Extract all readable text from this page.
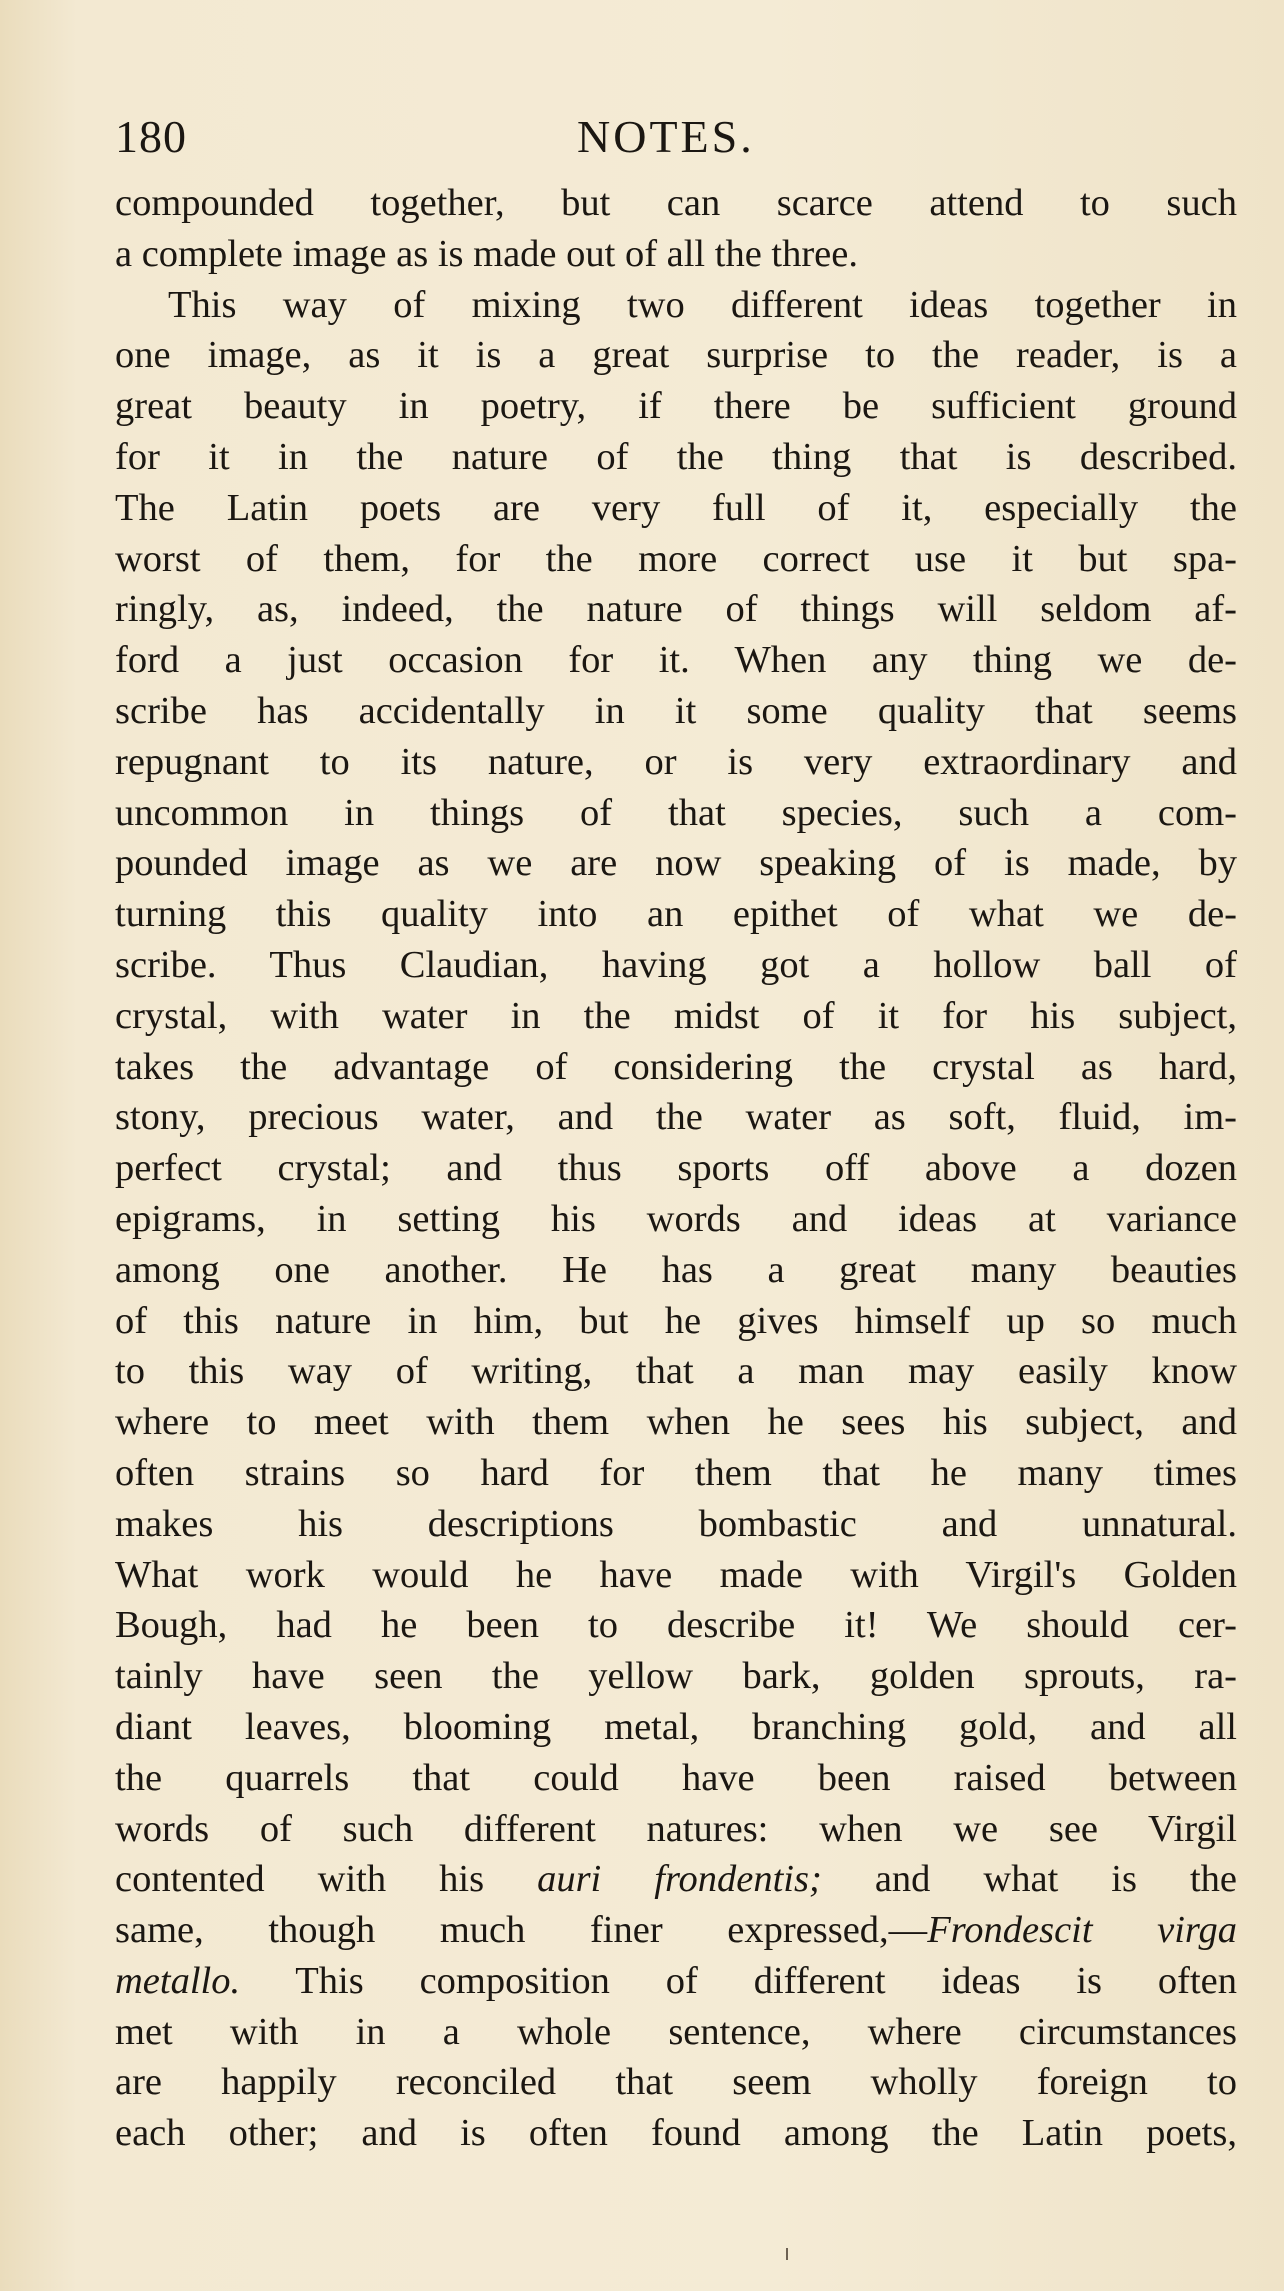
180	NOTES.
compounded together, but can scarce attend to such
a complete image as is made out of all the three.
This way of mixing two different ideas together in
one image, as it is a great surprise to the reader, is a
great beauty in poetry, if there be sufficient ground
for it in the nature of the thing that is described.
The Latin poets are very full of it, especially the
worst of them, for the more correct use it but spa-
ringly, as, indeed, the nature of things will seldom af-
ford a just occasion for it. When any thing we de-
scribe has accidentally in it some quality that seems
repugnant to its nature, or is very extraordinary and
uncommon in things of that species, such a com-
pounded image as we are now speaking of is made, by
turning this quality into an epithet of what we de-
scribe. Thus Claudian, having got a hollow ball of
crystal, with water in the midst of it for his subject,
takes the advantage of considering the crystal as hard,
stony, precious water, and the water as soft, fluid, im-
perfect crystal; and thus sports off above a dozen
epigrams, in setting his words and ideas at variance
among one another. He has a great many beauties
of this nature in him, but he gives himself up so much
to this way of writing, that a man may easily know
where to meet with them when he sees his subject, and
often strains so hard for them that he many times
makes his descriptions bombastic and unnatural.
What work would he have made with Virgil's Golden
Bough, had he been to describe it! We should cer-
tainly have seen the yellow bark, golden sprouts, ra-
diant leaves, blooming metal, branching gold, and all
the quarrels that could have been raised between
words of such different natures: when we see Virgil
contented with his auri frondentis; and what is the
same, though much finer expressed,—Frondescit virga
metallo. This composition of different ideas is often
met with in a whole sentence, where circumstances
are happily reconciled that seem wholly foreign to
each other; and is often found among the Latin poets,
